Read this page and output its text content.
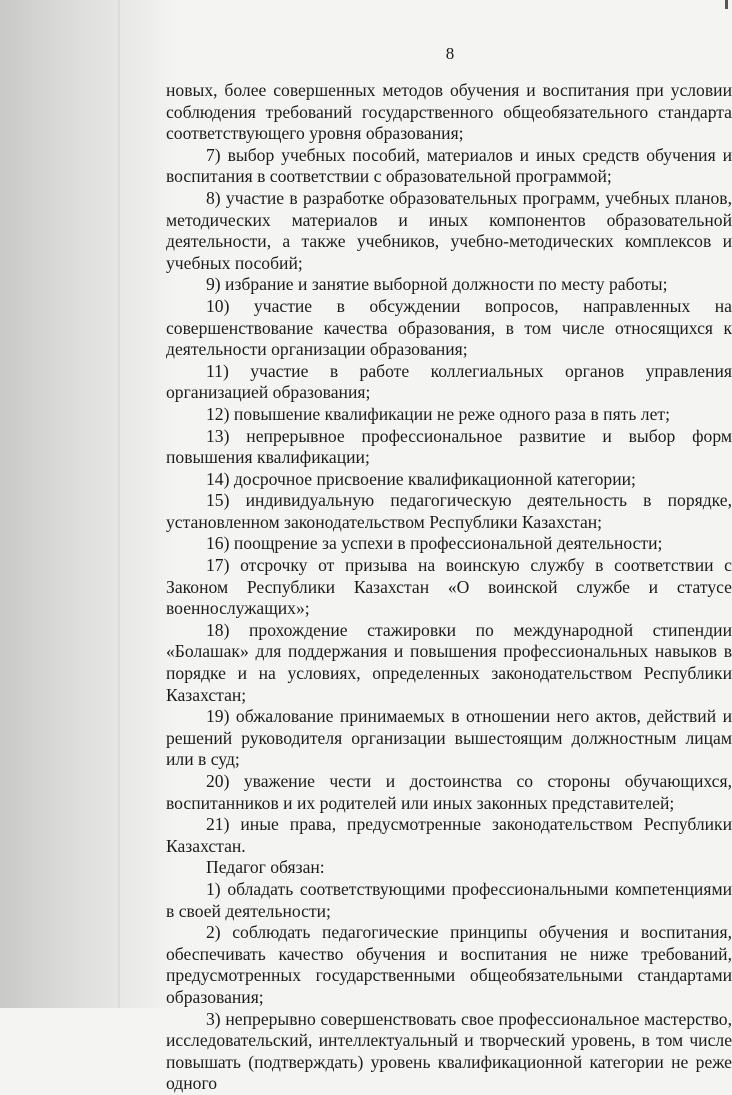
8

новых, более совершенных методов обучения и воспитания при условии соблюдения требований государственного общеобязательного стандарта соответствующего уровня образования;

7) выбор учебных пособий, материалов и иных средств обучения и воспитания в соответствии с образовательной программой;

8) участие в разработке образовательных программ, учебных планов, методических материалов и иных компонентов образовательной деятельности, а также учебников, учебно-методических комплексов и учебных пособий;

9) избрание и занятие выборной должности по месту работы;

10) участие в обсуждении вопросов, направленных на совершенствование качества образования, в том числе относящихся к деятельности организации образования;

11) участие в работе коллегиальных органов управления организацией образования;

12) повышение квалификации не реже одного раза в пять лет;

13) непрерывное профессиональное развитие и выбор форм повышения квалификации;

14) досрочное присвоение квалификационной категории;

15) индивидуальную педагогическую деятельность в порядке, установленном законодательством Республики Казахстан;

16) поощрение за успехи в профессиональной деятельности;

17) отсрочку от призыва на воинскую службу в соответствии с Законом Республики Казахстан «О воинской службе и статусе военнослужащих»;

18) прохождение стажировки по международной стипендии «Болашак» для поддержания и повышения профессиональных навыков в порядке и на условиях, определенных законодательством Республики Казахстан;

19) обжалование принимаемых в отношении него актов, действий и решений руководителя организации вышестоящим должностным лицам или в суд;

20) уважение чести и достоинства со стороны обучающихся, воспитанников и их родителей или иных законных представителей;

21) иные права, предусмотренные законодательством Республики Казахстан.

Педагог обязан:

1) обладать соответствующими профессиональными компетенциями в своей деятельности;

2) соблюдать педагогические принципы обучения и воспитания, обеспечивать качество обучения и воспитания не ниже требований, предусмотренных государственными общеобязательными стандартами образования;

3) непрерывно совершенствовать свое профессиональное мастерство, исследовательский, интеллектуальный и творческий уровень, в том числе повышать (подтверждать) уровень квалификационной категории не реже одного
